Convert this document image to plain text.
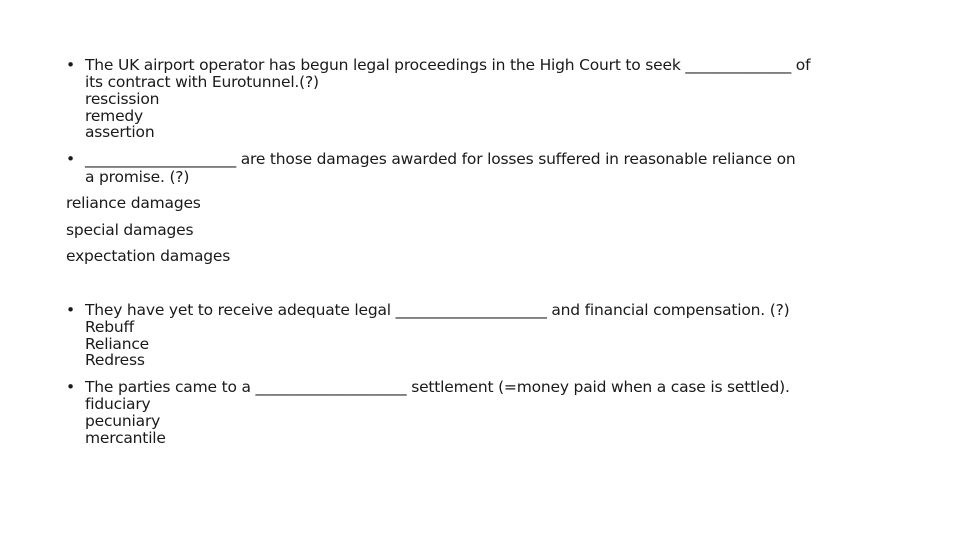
• The UK airport operator has begun legal proceedings in the High Court to seek ______________ of
its contract with Eurotunnel.(?)
rescission
remedy
assertion
• ____________________ are those damages awarded for losses suffered in reasonable reliance on
a promise. (?)
reliance damages
special damages
expectation damages
• They have yet to receive adequate legal ____________________ and financial compensation. (?)
Rebuff
Reliance
Redress
• The parties came to a ____________________ settlement (=money paid when a case is settled).
fiduciary
pecuniary
mercantile
